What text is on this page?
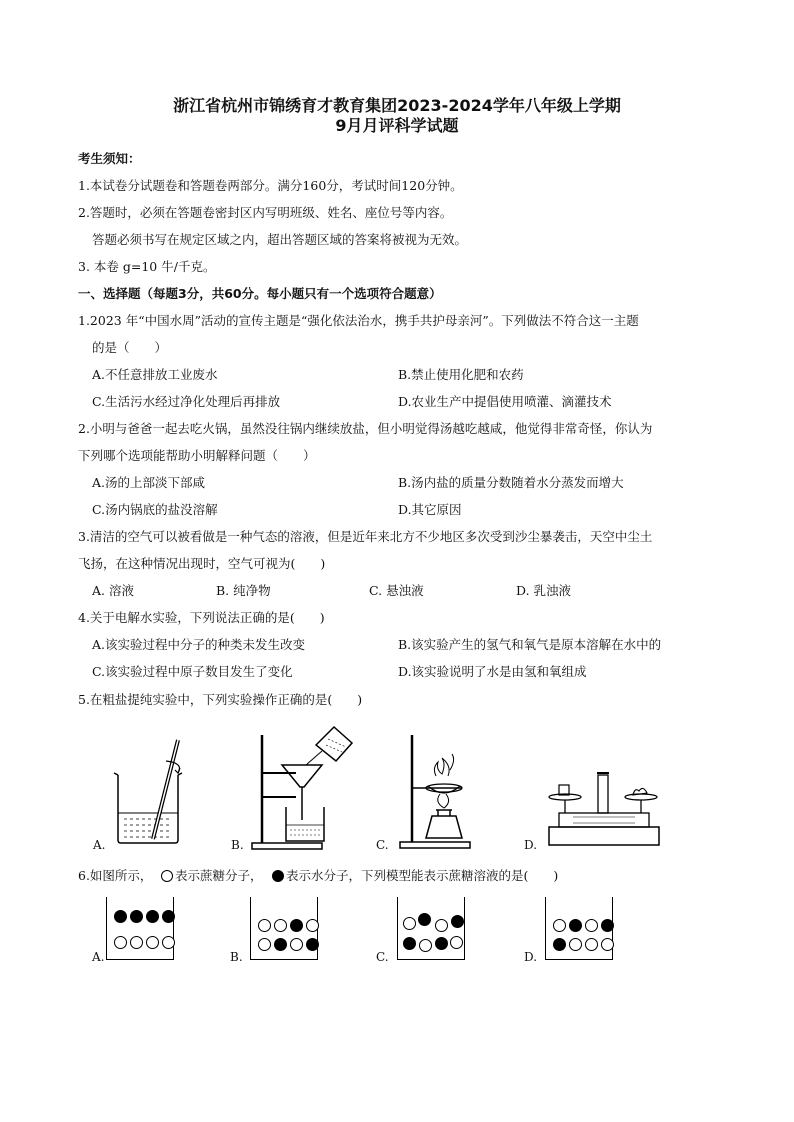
浙江省杭州市锦绣育才教育集团2023-2024学年八年级上学期
9月月评科学试题
考生须知：
1.本试卷分试题卷和答题卷两部分。满分160分，考试时间120分钟。
2.答题时，必须在答题卷密封区内写明班级、姓名、座位号等内容。
答题必须书写在规定区域之内，超出答题区域的答案将被视为无效。
3. 本卷 g=10 牛/千克。
一、选择题（每题3分，共60分。每小题只有一个选项符合题意）
1.2023 年“中国水周”活动的宣传主题是“强化依法治水，携手共护母亲河”。下列做法不符合这一主题
的是（　　）
A.不任意排放工业废水	B.禁止使用化肥和农药
C.生活污水经过净化处理后再排放	D.农业生产中提倡使用喷灌、滴灌技术
2.小明与爸爸一起去吃火锅，虽然没往锅内继续放盐，但小明觉得汤越吃越咸，他觉得非常奇怪，你认为
下列哪个选项能帮助小明解释问题（　　）
A.汤的上部淡下部咸	B.汤内盐的质量分数随着水分蒸发而增大
C.汤内锅底的盐没溶解	D.其它原因
3.清洁的空气可以被看做是一种气态的溶液，但是近年来北方不少地区多次受到沙尘暴袭击，天空中尘土
飞扬，在这种情况出现时，空气可视为(　　)
A. 溶液	B. 纯净物	C. 悬浊液	D. 乳浊液
4.关于电解水实验，下列说法正确的是(　　)
A.该实验过程中分子的种类未发生改变	B.该实验产生的氢气和氧气是原本溶解在水中的
C.该实验过程中原子数目发生了变化	D.该实验说明了水是由氢和氧组成
5.在粗盐提纯实验中，下列实验操作正确的是(　　)
A.	B.	C.	D.
6.如图所示， 表示蔗糖分子， 表示水分子，下列模型能表示蔗糖溶液的是(　　)
A.	B.	C.	D.
